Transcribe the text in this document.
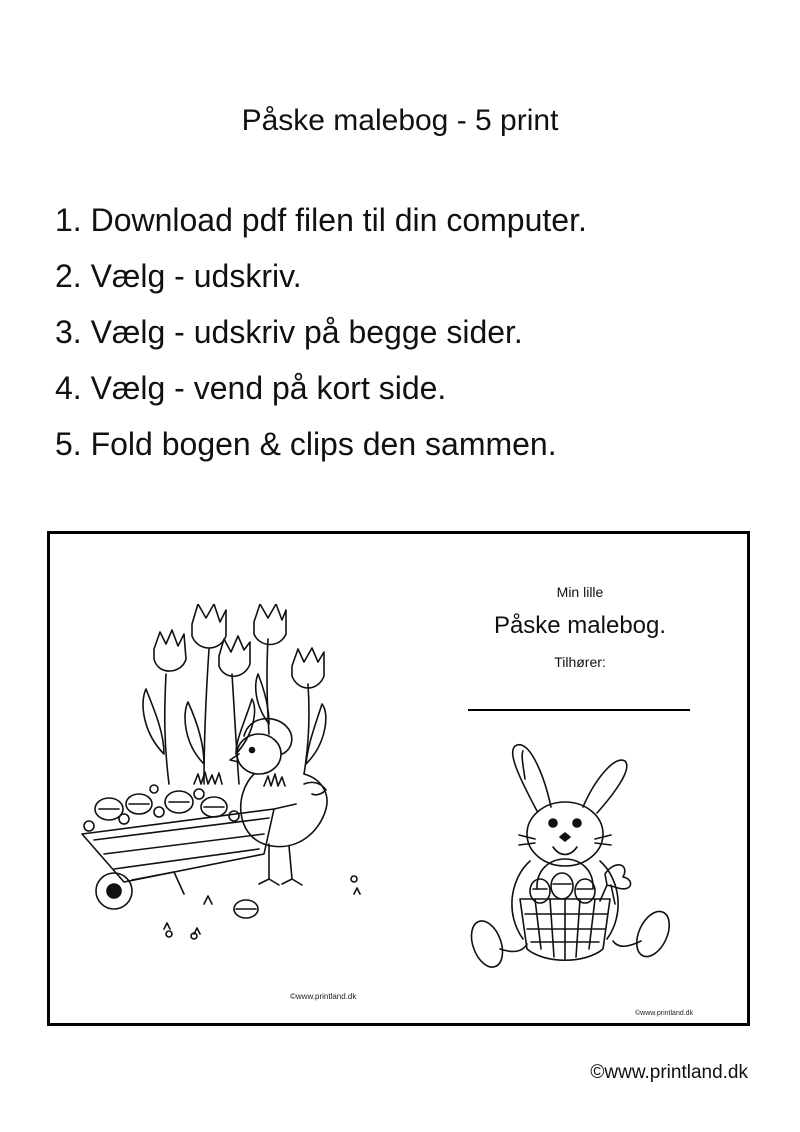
Påske malebog - 5 print
1. Download pdf filen til din computer.
2. Vælg - udskriv.
3. Vælg - udskriv på begge sider.
4. Vælg - vend på kort side.
5. Fold bogen & clips den sammen.
©www.printland.dk
Min lille
Påske malebog.
Tilhører:
©www.printland.dk
©www.printland.dk
